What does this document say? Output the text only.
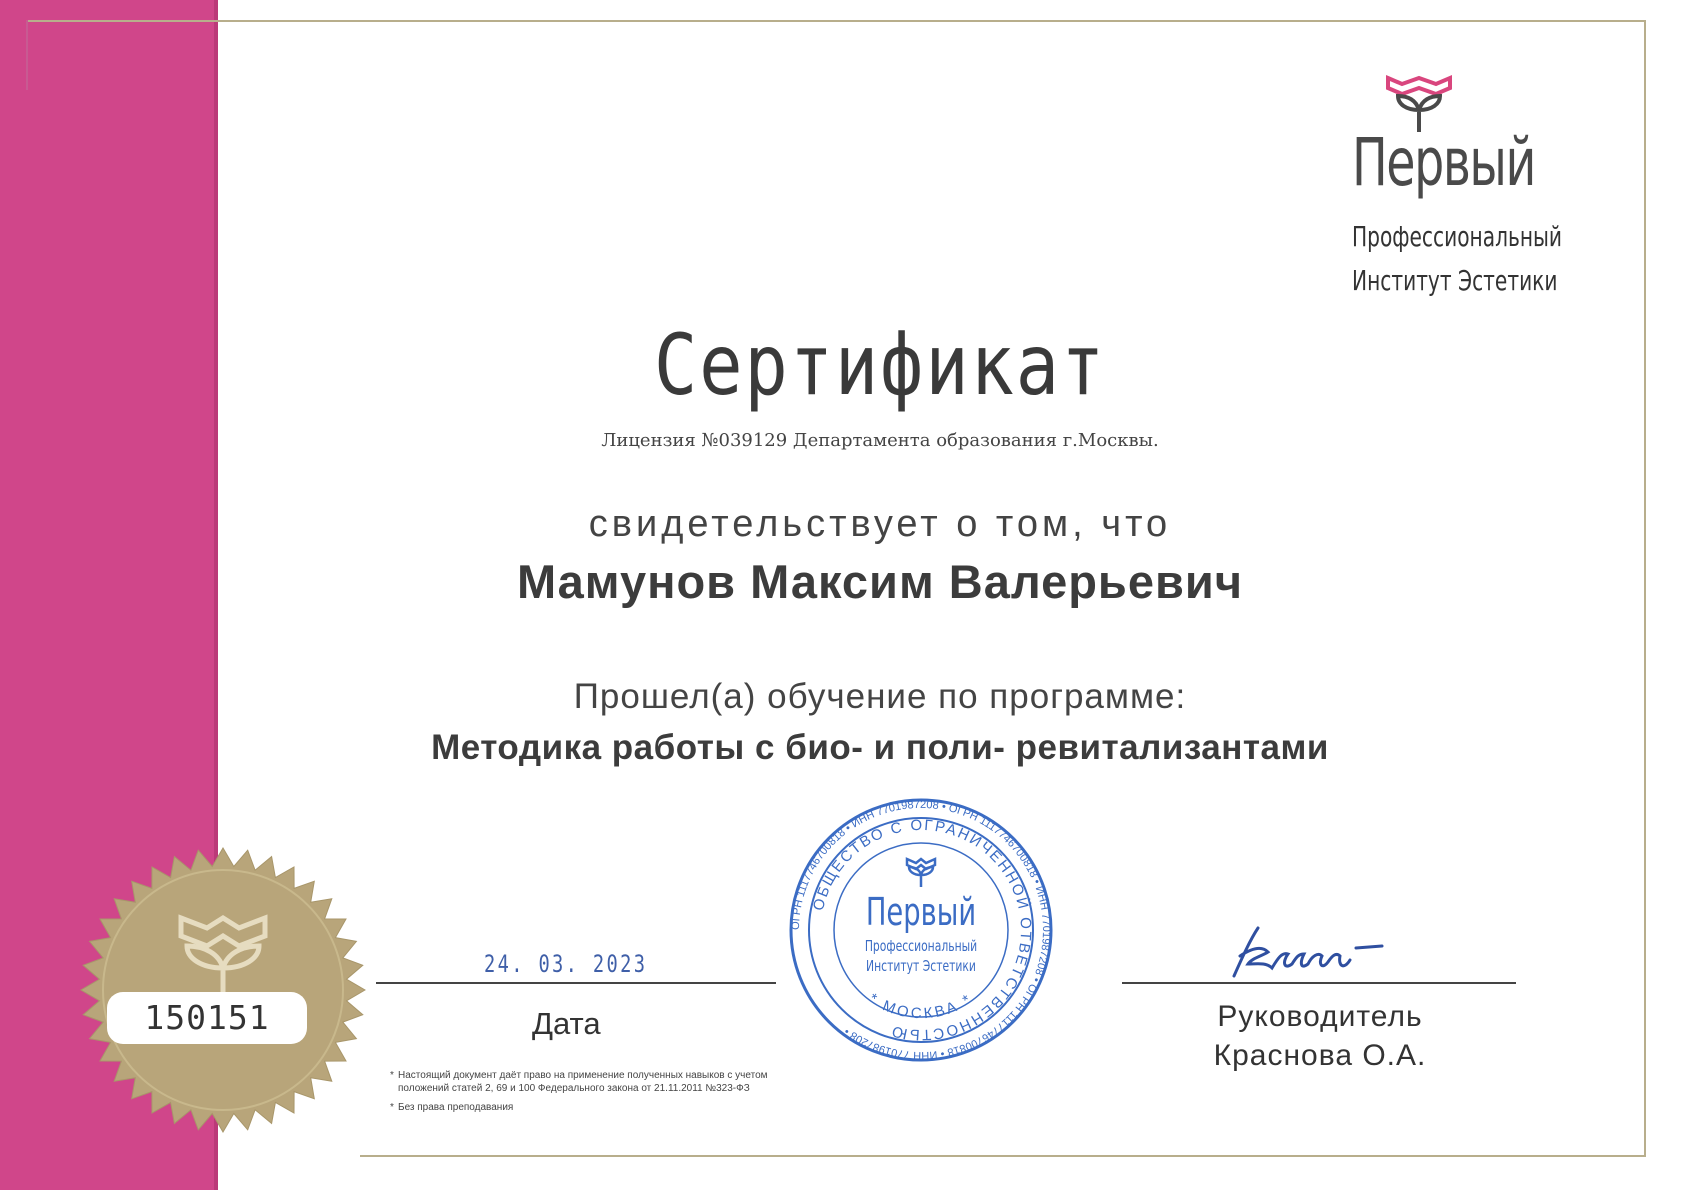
Первый
Профессиональный
Институт Эстетики
Сертификат
Лицензия №039129 Департамента образования г.Москвы.
свидетельствует о том, что
Мамунов Максим Валерьевич
Прошел(а) обучение по программе:
Методика работы с био- и поли- ревитализантами
150151
24. 03. 2023
Дата
ОГРН 1117746700818 • ИНН 7701987208 • ОГРН 1117746700818 • ИНН 7701987208 • ОГРН 1117746700818 • ИНН 7701987208 •
ОБЩЕСТВО С ОГРАНИЧЕННОЙ ОТВЕТСТВЕННОСТЬЮ
* МОСКВА *
Первый
Профессиональный
Институт Эстетики
Руководитель
Краснова О.А.
* Настоящий документ даёт право на применение полученных навыков с учетом положений статей 2, 69 и 100 Федерального закона от 21.11.2011 №323-ФЗ
* Без права преподавания
